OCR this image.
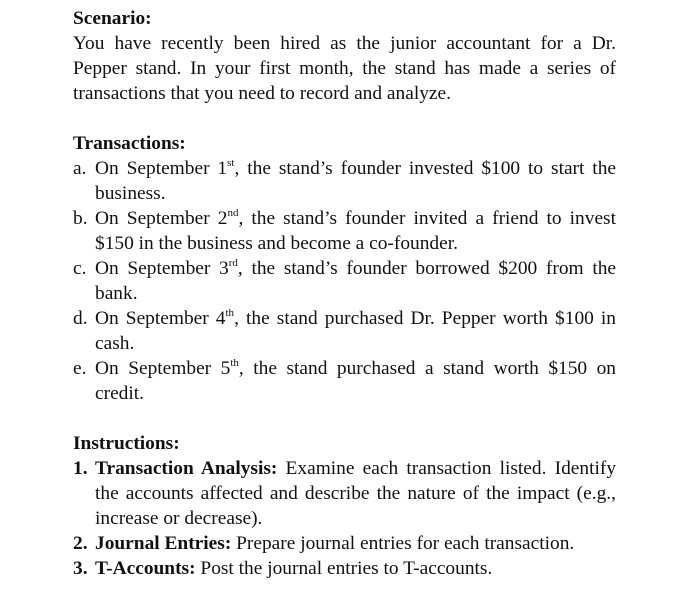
Scenario:

You have recently been hired as the junior accountant for a Dr. Pepper stand. In your first month, the stand has made a series of transactions that you need to record and analyze.

Transactions:

a. On September 1st, the stand’s founder invested $100 to start the business.
b. On September 2nd, the stand’s founder invited a friend to invest $150 in the business and become a co-founder.
c. On September 3rd, the stand’s founder borrowed $200 from the bank.
d. On September 4th, the stand purchased Dr. Pepper worth $100 in cash.
e. On September 5th, the stand purchased a stand worth $150 on credit.

Instructions:

1. Transaction Analysis: Examine each transaction listed. Identify the accounts affected and describe the nature of the impact (e.g., increase or decrease).
2. Journal Entries: Prepare journal entries for each transaction.
3. T-Accounts: Post the journal entries to T-accounts.
